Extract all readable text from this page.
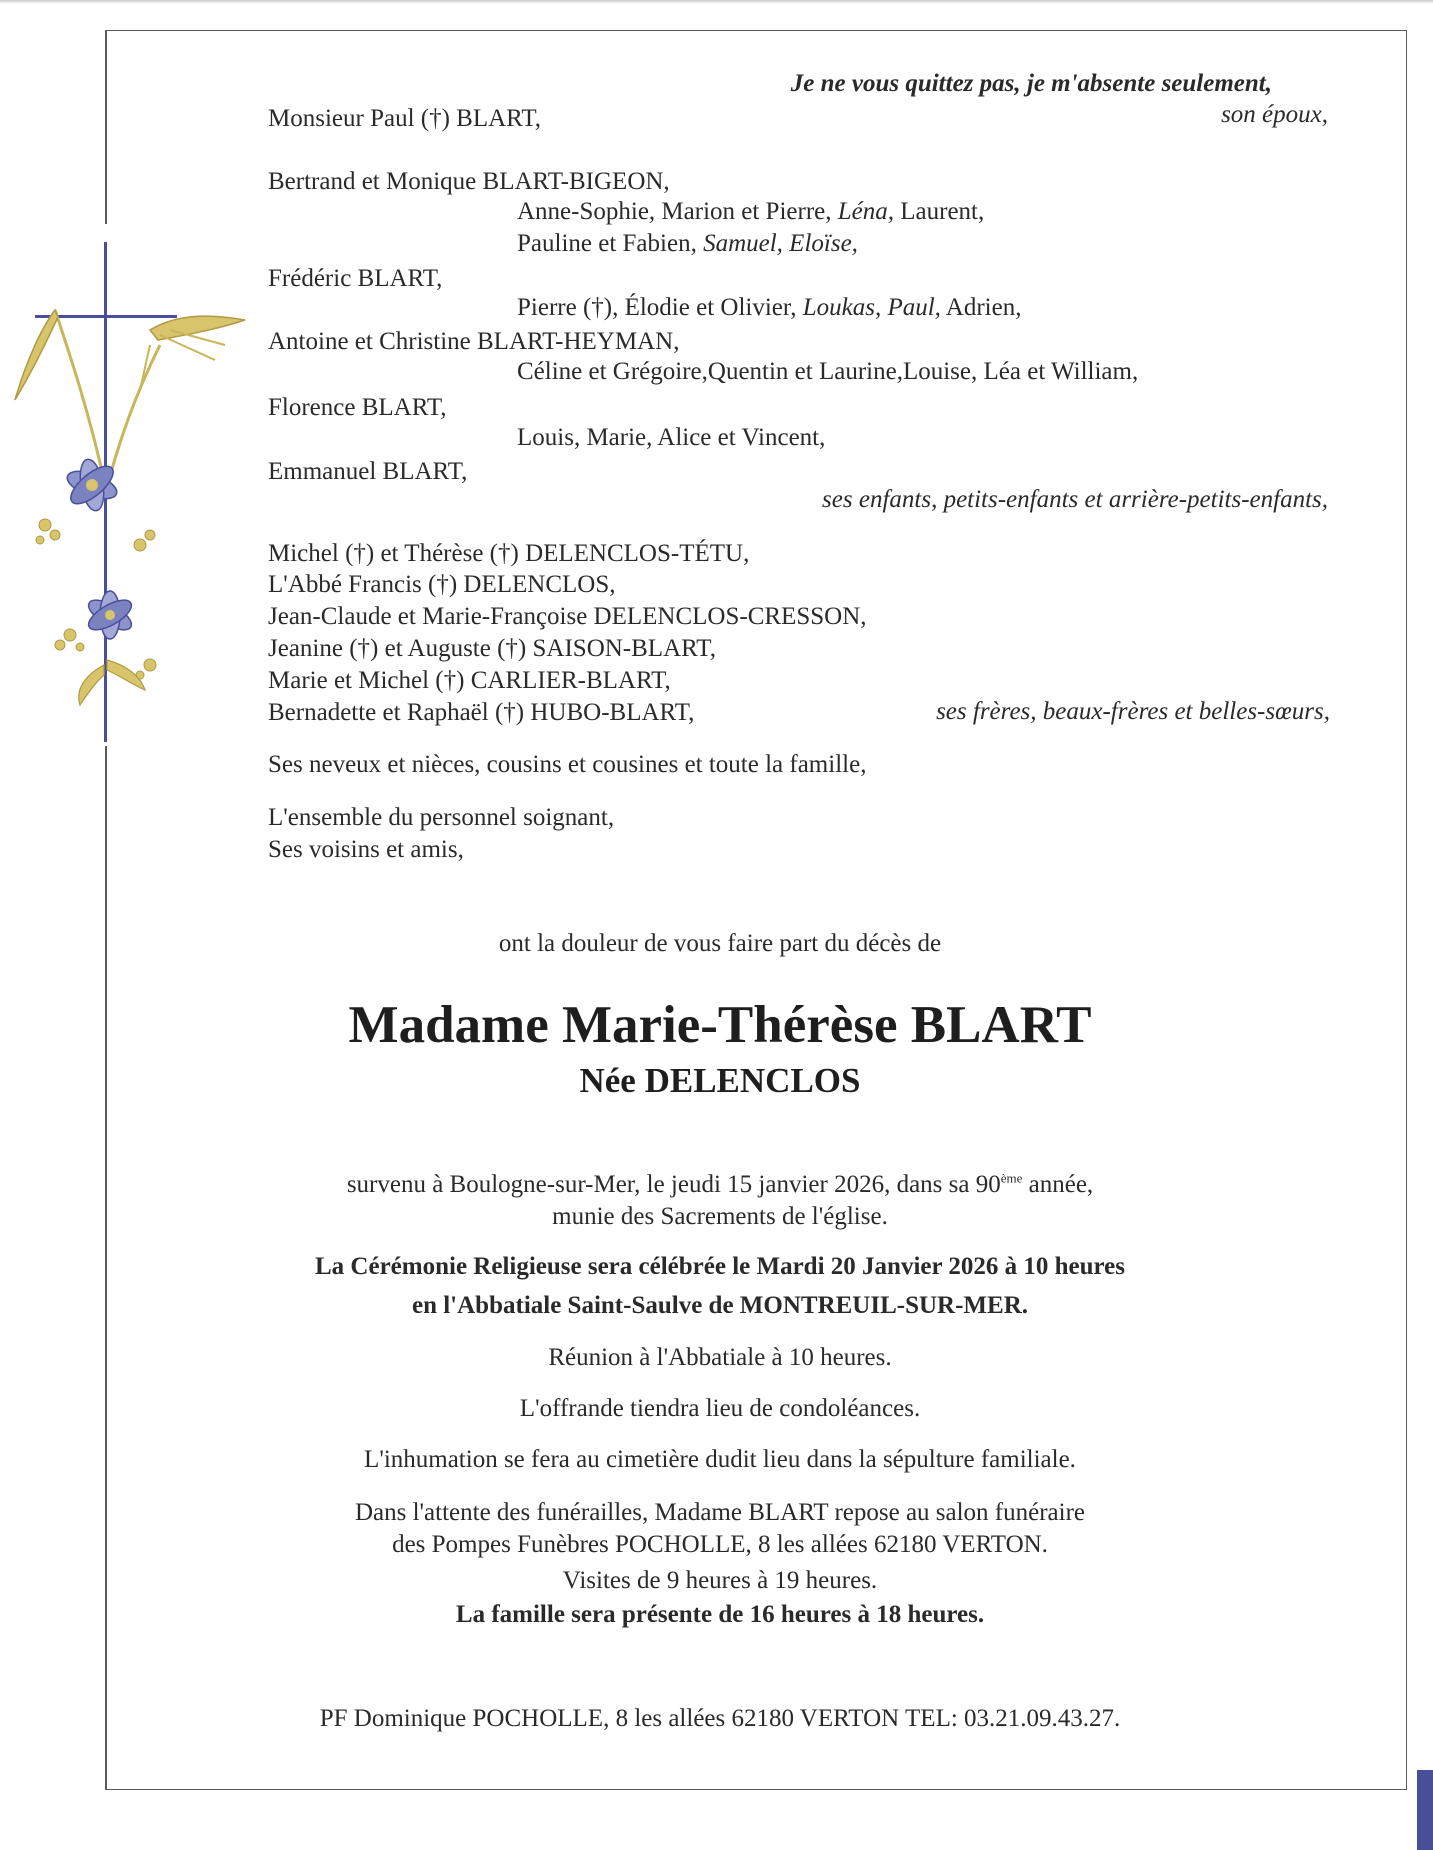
Je ne vous quittez pas, je m'absente seulement,
Monsieur Paul (†) BLART,	son époux,
Bertrand et Monique BLART-BIGEON,
Anne-Sophie, Marion et Pierre, Léna, Laurent,
Pauline et Fabien, Samuel, Eloïse,
Frédéric BLART,
Pierre (†), Élodie et Olivier, Loukas, Paul, Adrien,
Antoine et Christine BLART-HEYMAN,
Céline et Grégoire,Quentin et Laurine,Louise, Léa et William,
Florence BLART,
Louis, Marie, Alice et Vincent,
Emmanuel BLART,
ses enfants, petits-enfants et arrière-petits-enfants,
Michel (†) et Thérèse (†) DELENCLOS-TÉTU,
L'Abbé Francis (†) DELENCLOS,
Jean-Claude et Marie-Françoise DELENCLOS-CRESSON,
Jeanine (†) et Auguste (†) SAISON-BLART,
Marie et Michel (†) CARLIER-BLART,
Bernadette et Raphaël (†) HUBO-BLART,	ses frères, beaux-frères et belles-sœurs,
Ses neveux et nièces, cousins et cousines et toute la famille,
L'ensemble du personnel soignant,
Ses voisins et amis,
ont la douleur de vous faire part du décès de
Madame Marie-Thérèse BLART
Née DELENCLOS
survenu à Boulogne-sur-Mer, le jeudi 15 janvier 2026, dans sa 90ème année,
munie des Sacrements de l'église.
La Cérémonie Religieuse sera célébrée le Mardi 20 Janvier 2026 à 10 heures
en l'Abbatiale Saint-Saulve de MONTREUIL-SUR-MER.
Réunion à l'Abbatiale à 10 heures.
L'offrande tiendra lieu de condoléances.
L'inhumation se fera au cimetière dudit lieu dans la sépulture familiale.
Dans l'attente des funérailles, Madame BLART repose au salon funéraire
des Pompes Funèbres POCHOLLE, 8 les allées 62180 VERTON.
Visites de 9 heures à 19 heures.
La famille sera présente de 16 heures à 18 heures.
PF Dominique POCHOLLE, 8 les allées 62180 VERTON TEL: 03.21.09.43.27.
